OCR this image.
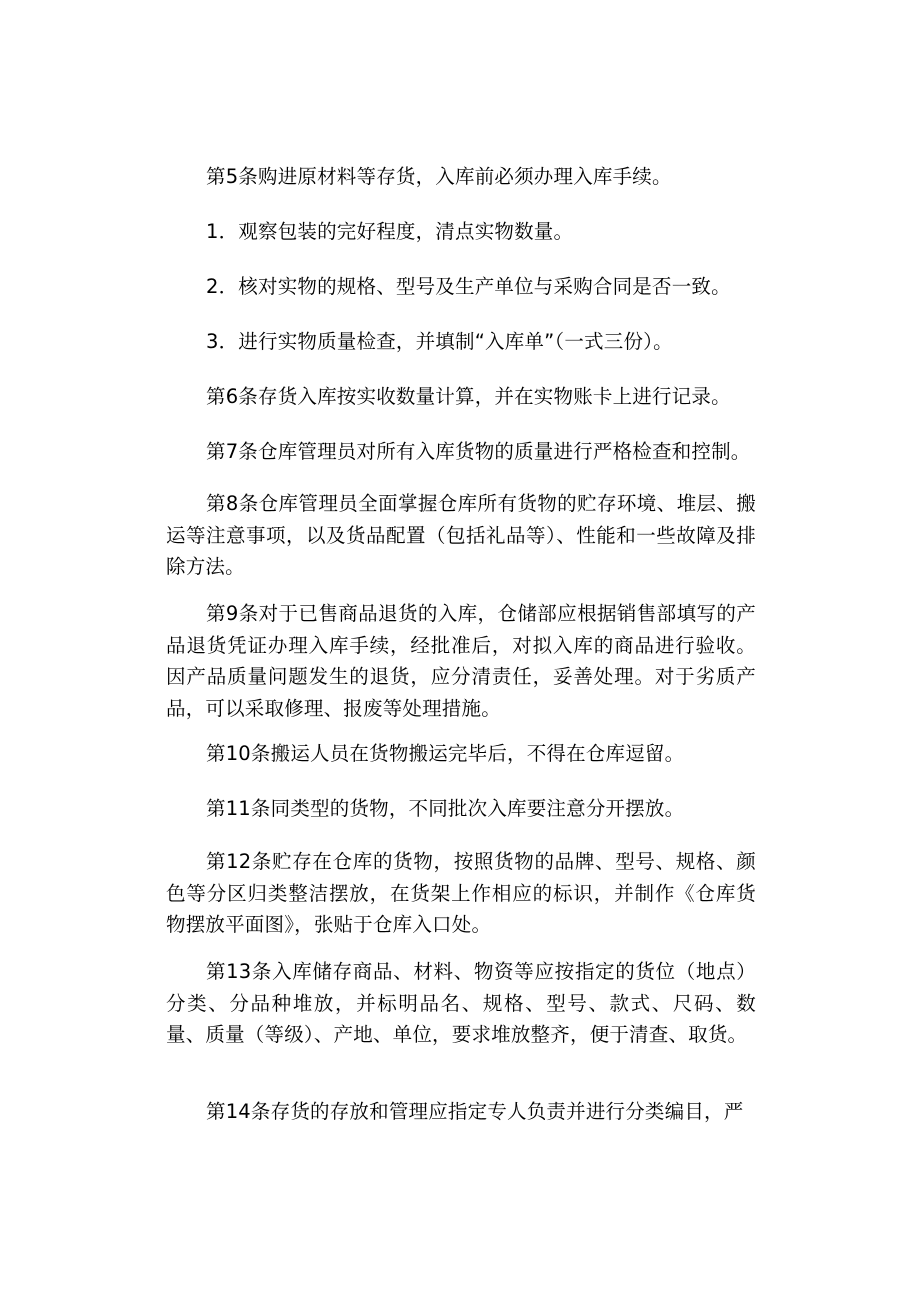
第5条购进原材料等存货，入库前必须办理入库手续。

1．观察包装的完好程度，清点实物数量。

2．核对实物的规格、型号及生产单位与采购合同是否一致。

3．进行实物质量检查，并填制“入库单”（一式三份）。

第6条存货入库按实收数量计算，并在实物账卡上进行记录。

第7条仓库管理员对所有入库货物的质量进行严格检查和控制。

第8条仓库管理员全面掌握仓库所有货物的贮存环境、堆层、搬运等注意事项，以及货品配置（包括礼品等）、性能和一些故障及排除方法。

第9条对于已售商品退货的入库，仓储部应根据销售部填写的产品退货凭证办理入库手续，经批准后，对拟入库的商品进行验收。因产品质量问题发生的退货，应分清责任，妥善处理。对于劣质产品，可以采取修理、报废等处理措施。

第10条搬运人员在货物搬运完毕后，不得在仓库逗留。

第11条同类型的货物，不同批次入库要注意分开摆放。

第12条贮存在仓库的货物，按照货物的品牌、型号、规格、颜色等分区归类整洁摆放，在货架上作相应的标识，并制作《仓库货物摆放平面图》，张贴于仓库入口处。

第13条入库储存商品、材料、物资等应按指定的货位（地点）分类、分品种堆放，并标明品名、规格、型号、款式、尺码、数量、质量（等级）、产地、单位，要求堆放整齐，便于清查、取货。

第14条存货的存放和管理应指定专人负责并进行分类编目，严
